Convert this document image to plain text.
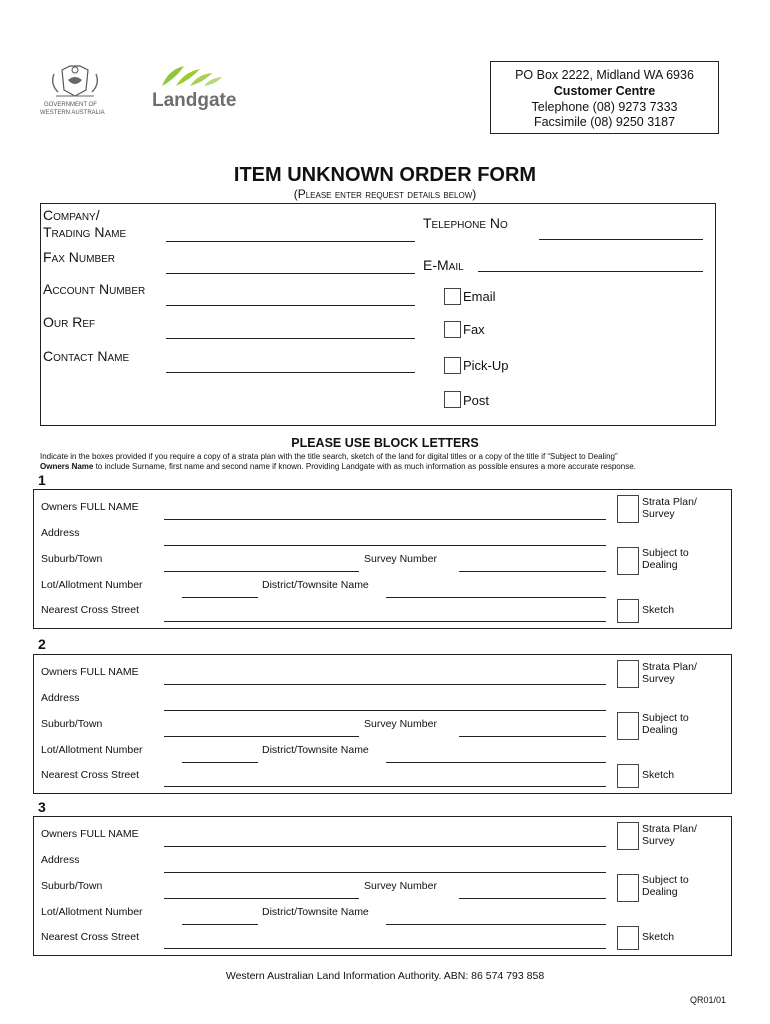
GOVERNMENT OF
WESTERN AUSTRALIA
Landgate
PO Box 2222, Midland WA 6936
Customer Centre
Telephone (08) 9273 7333
Facsimile (08) 9250 3187
ITEM UNKNOWN ORDER FORM
(Please enter request details below)
Company/
Trading Name
Fax Number
Account Number
Our Ref
Contact Name
Telephone No
E-Mail
Email
Fax
Pick-Up
Post
PLEASE USE BLOCK LETTERS
Indicate in the boxes provided if you require a copy of a strata plan with the title search, sketch of the land for digital titles or a copy of the title if “Subject to Dealing”
Owners Name to include Surname, first name and second name if known. Providing Landgate with as much information as possible ensures a more accurate response.
1
Owners FULL NAME
Address
Suburb/Town	Survey Number
Lot/Allotment Number	District/Townsite Name
Nearest Cross Street
Strata Plan/ Survey
Subject to Dealing
Sketch
2
Owners FULL NAME
Address
Suburb/Town	Survey Number
Lot/Allotment Number	District/Townsite Name
Nearest Cross Street
Strata Plan/ Survey
Subject to Dealing
Sketch
3
Owners FULL NAME
Address
Suburb/Town	Survey Number
Lot/Allotment Number	District/Townsite Name
Nearest Cross Street
Strata Plan/ Survey
Subject to Dealing
Sketch
Western Australian Land Information Authority. ABN: 86 574 793 858
QR01/01
